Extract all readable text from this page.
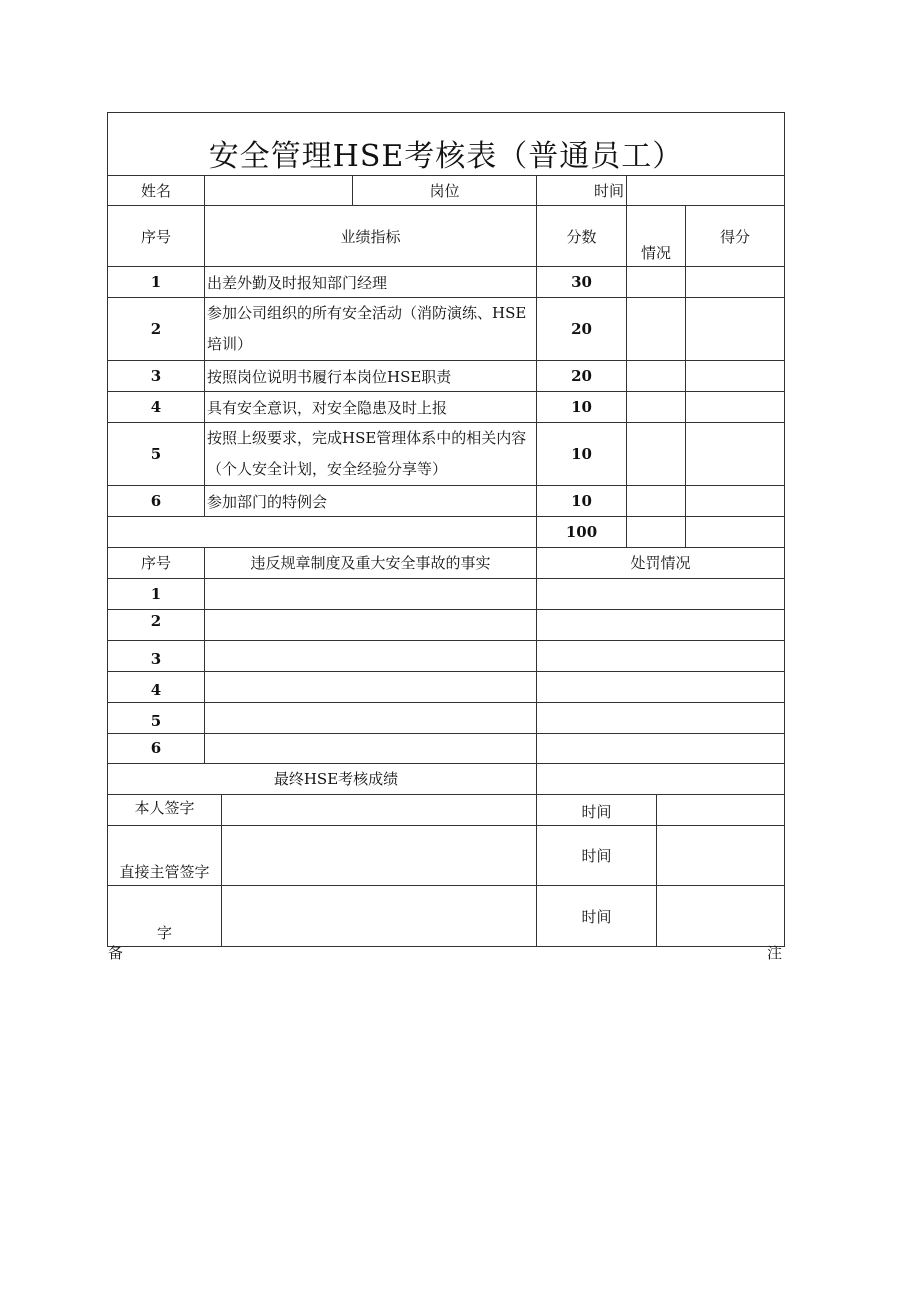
安全管理HSE考核表（普通员工）					
姓名		岗位	时间		
序号	业绩指标		分数	情况	得分
1	出差外勤及时报知部门经理		30		
2	参加公司组织的所有安全活动（消防演练、HSE培训）		20		
3	按照岗位说明书履行本岗位HSE职责		20		
4	具有安全意识，对安全隐患及时上报		10		
5	按照上级要求，完成HSE管理体系中的相关内容（个人安全计划，安全经验分享等）		10		
6	参加部门的特例会		10		
			100		
序号	违反规章制度及重大安全事故的事实	处罚情况
1		
2		
3		
4		
5		
6		
最终HSE考核成绩		
本人签字		时间	
直接主管签字		时间	
字		时间	
备	注
